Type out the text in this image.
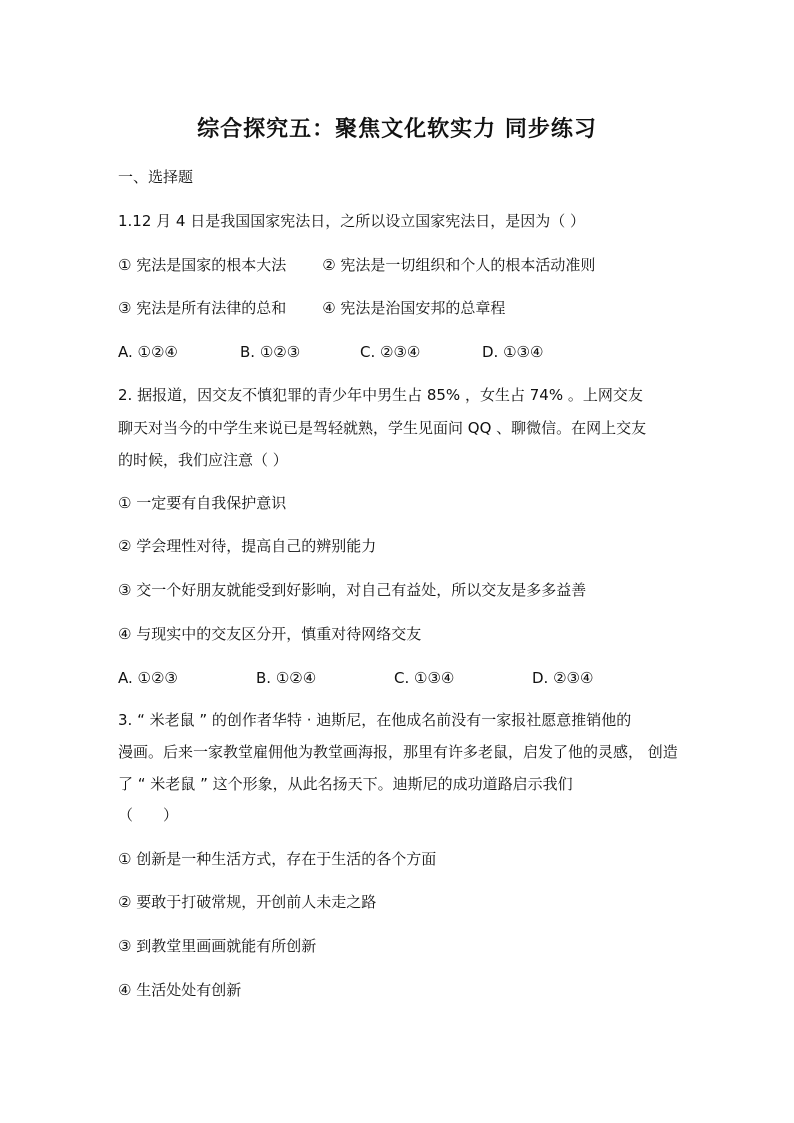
综合探究五：聚焦文化软实力 同步练习
一、选择题
1.12 月 4 日是我国国家宪法日，之所以设立国家宪法日，是因为（ ）
① 宪法是国家的根本大法 ② 宪法是一切组织和个人的根本活动准则
③ 宪法是所有法律的总和 ④ 宪法是治国安邦的总章程
A. ①②④	B. ①②③	C. ②③④	D. ①③④
2. 据报道，因交友不慎犯罪的青少年中男生占 85% ，女生占 74% 。上网交友
聊天对当今的中学生来说已是驾轻就熟，学生见面问 QQ 、聊微信。在网上交友
的时候，我们应注意（ ）
① 一定要有自我保护意识
② 学会理性对待，提高自己的辨别能力
③ 交一个好朋友就能受到好影响，对自己有益处，所以交友是多多益善
④ 与现实中的交友区分开，慎重对待网络交友
A. ①②③	B. ①②④	C. ①③④	D. ②③④
3. “ 米老鼠 ” 的创作者华特 · 迪斯尼，在他成名前没有一家报社愿意推销他的
漫画。后来一家教堂雇佣他为教堂画海报，那里有许多老鼠，启发了他的灵感， 创造
了 “ 米老鼠 ” 这个形象，从此名扬天下。迪斯尼的成功道路启示我们
（　　）
① 创新是一种生活方式，存在于生活的各个方面
② 要敢于打破常规，开创前人未走之路
③ 到教堂里画画就能有所创新
④ 生活处处有创新
